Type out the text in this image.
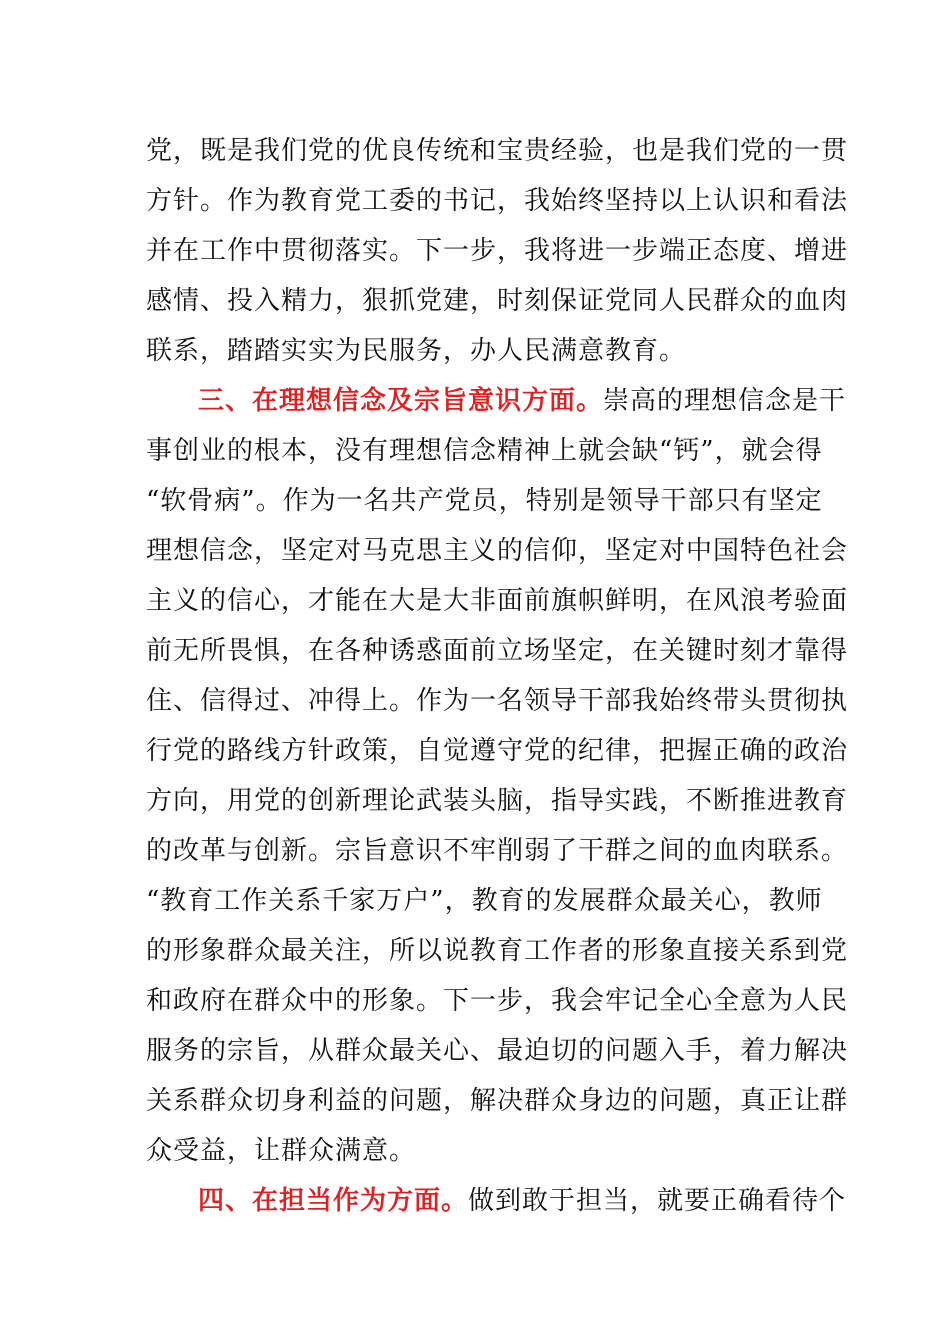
党，既是我们党的优良传统和宝贵经验，也是我们党的一贯
方针。作为教育党工委的书记，我始终坚持以上认识和看法
并在工作中贯彻落实。下一步，我将进一步端正态度、增进
感情、投入精力，狠抓党建，时刻保证党同人民群众的血肉
联系，踏踏实实为民服务，办人民满意教育。
三、在理想信念及宗旨意识方面。崇高的理想信念是干
事创业的根本，没有理想信念精神上就会缺“钙”，就会得
“软骨病”。作为一名共产党员，特别是领导干部只有坚定
理想信念，坚定对马克思主义的信仰，坚定对中国特色社会
主义的信心，才能在大是大非面前旗帜鲜明，在风浪考验面
前无所畏惧，在各种诱惑面前立场坚定，在关键时刻才靠得
住、信得过、冲得上。作为一名领导干部我始终带头贯彻执
行党的路线方针政策，自觉遵守党的纪律，把握正确的政治
方向，用党的创新理论武装头脑，指导实践，不断推进教育
的改革与创新。宗旨意识不牢削弱了干群之间的血肉联系。
“教育工作关系千家万户”，教育的发展群众最关心，教师
的形象群众最关注，所以说教育工作者的形象直接关系到党
和政府在群众中的形象。下一步，我会牢记全心全意为人民
服务的宗旨，从群众最关心、最迫切的问题入手，着力解决
关系群众切身利益的问题，解决群众身边的问题，真正让群
众受益，让群众满意。
四、在担当作为方面。做到敢于担当，就要正确看待个
